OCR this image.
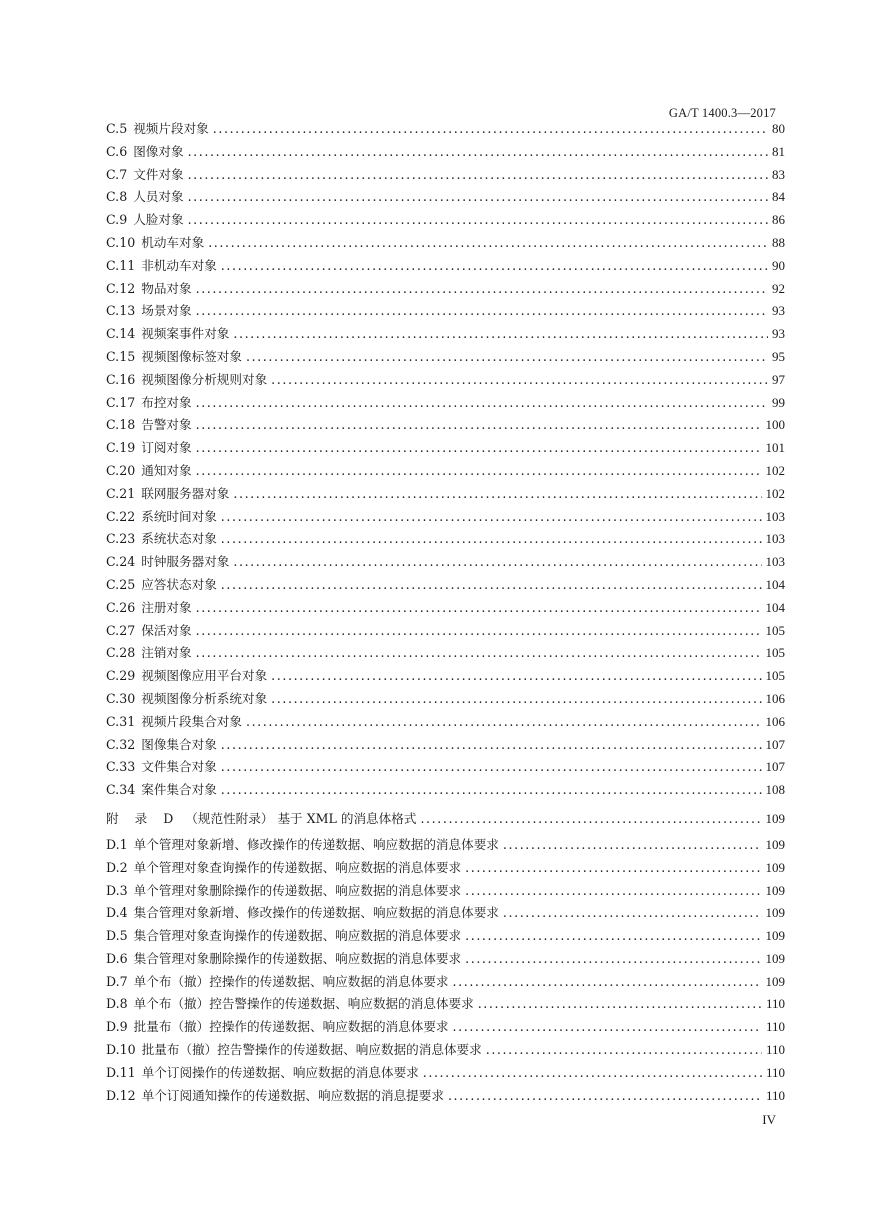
GA/T 1400.3—2017
C.5 视频片段对象 .....	80
C.6 图像对象 .....	81
C.7 文件对象 .....	83
C.8 人员对象 .....	84
C.9 人脸对象 .....	86
C.10 机动车对象 .....	88
C.11 非机动车对象 .....	90
C.12 物品对象 .....	92
C.13 场景对象 .....	93
C.14 视频案事件对象 .....	93
C.15 视频图像标签对象 .....	95
C.16 视频图像分析规则对象 .....	97
C.17 布控对象 .....	99
C.18 告警对象 .....	100
C.19 订阅对象 .....	101
C.20 通知对象 .....	102
C.21 联网服务器对象 .....	102
C.22 系统时间对象 .....	103
C.23 系统状态对象 .....	103
C.24 时钟服务器对象 .....	103
C.25 应答状态对象 .....	104
C.26 注册对象 .....	104
C.27 保活对象 .....	105
C.28 注销对象 .....	105
C.29 视频图像应用平台对象 .....	105
C.30 视频图像分析系统对象 .....	106
C.31 视频片段集合对象 .....	106
C.32 图像集合对象 .....	107
C.33 文件集合对象 .....	107
C.34 案件集合对象 .....	108
附 录 D （规范性附录） 基于 XML 的消息体格式 .....	109
D.1 单个管理对象新增、修改操作的传递数据、响应数据的消息体要求 .....	109
D.2 单个管理对象查询操作的传递数据、响应数据的消息体要求 .....	109
D.3 单个管理对象删除操作的传递数据、响应数据的消息体要求 .....	109
D.4 集合管理对象新增、修改操作的传递数据、响应数据的消息体要求 .....	109
D.5 集合管理对象查询操作的传递数据、响应数据的消息体要求 .....	109
D.6 集合管理对象删除操作的传递数据、响应数据的消息体要求 .....	109
D.7 单个布（撤）控操作的传递数据、响应数据的消息体要求 .....	109
D.8 单个布（撤）控告警操作的传递数据、响应数据的消息体要求 .....	110
D.9 批量布（撤）控操作的传递数据、响应数据的消息体要求 .....	110
D.10 批量布（撤）控告警操作的传递数据、响应数据的消息体要求 .....	110
D.11 单个订阅操作的传递数据、响应数据的消息体要求 .....	110
D.12 单个订阅通知操作的传递数据、响应数据的消息提要求 .....	110
IV
